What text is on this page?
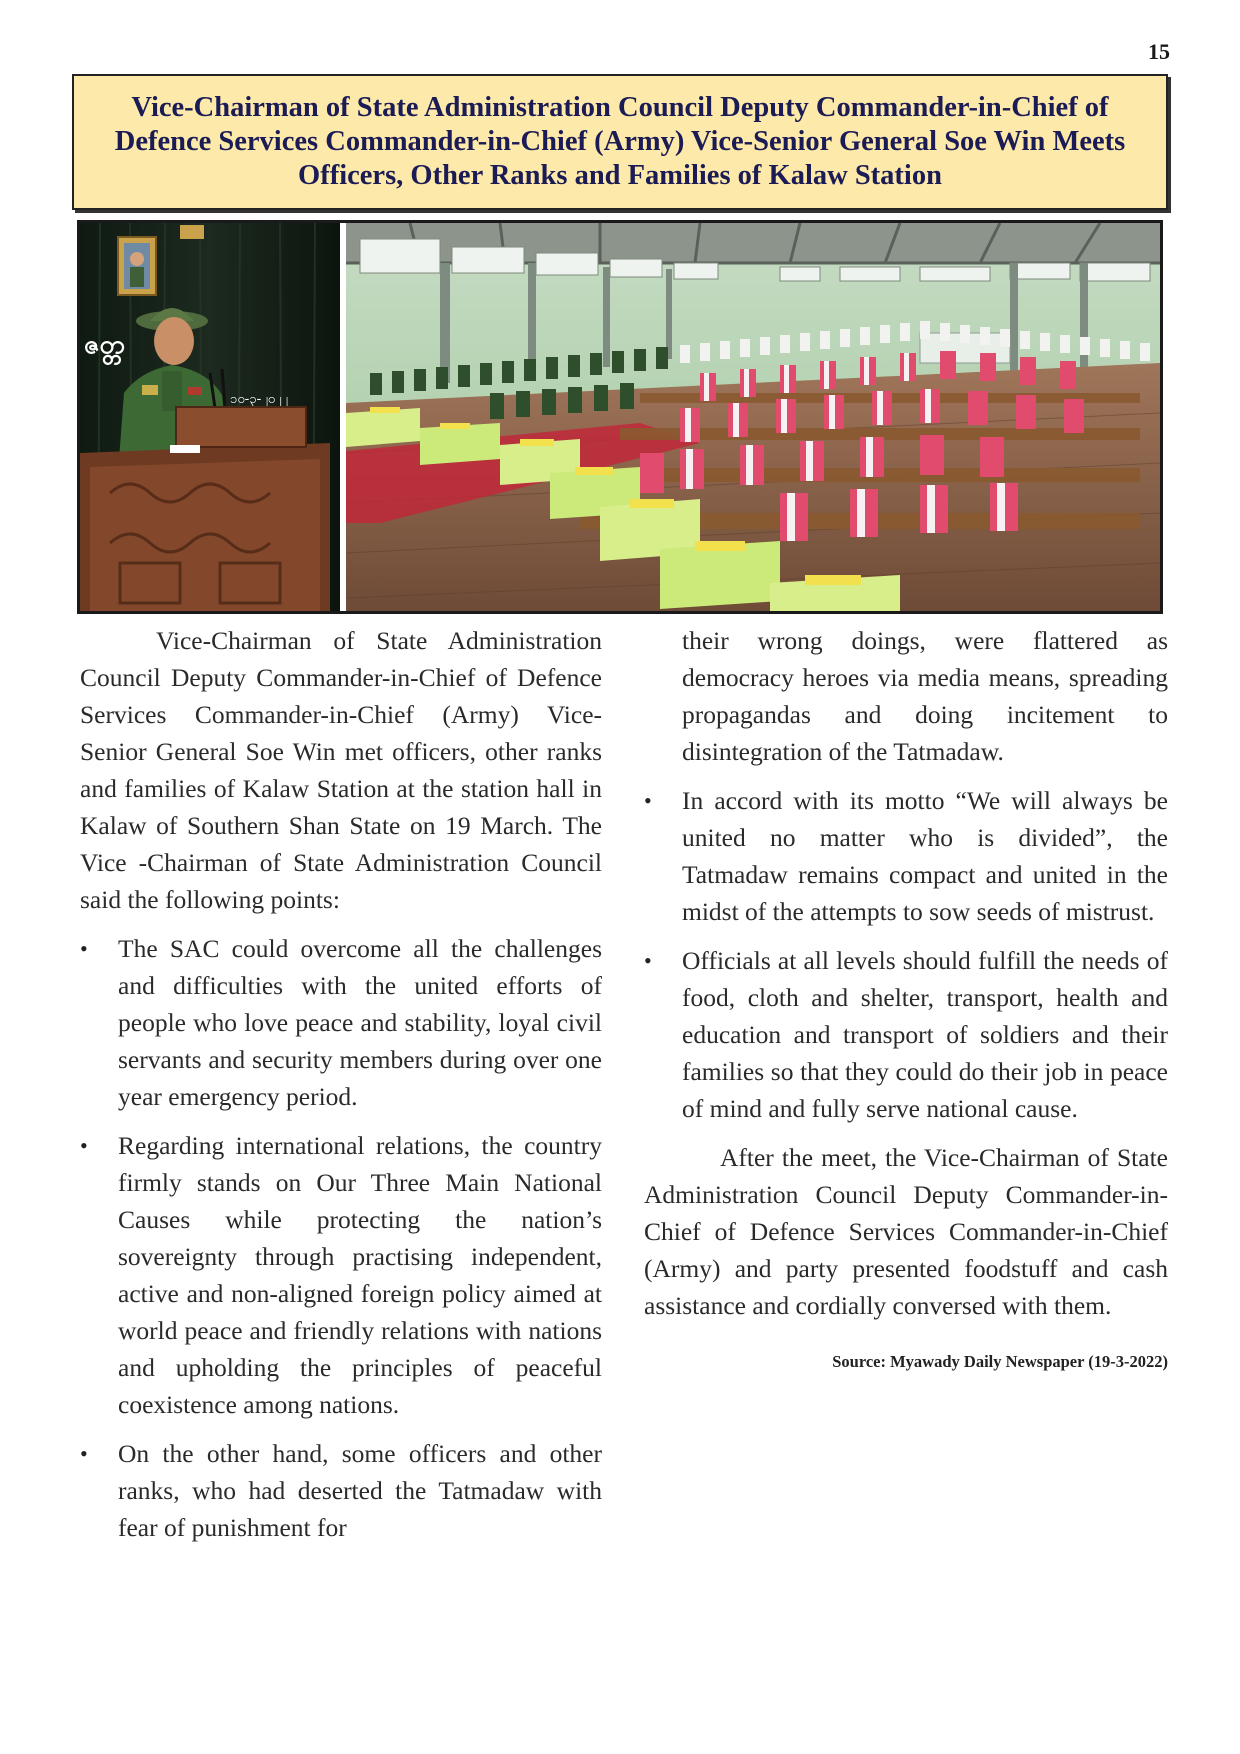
15
Vice-Chairman of State Administration Council Deputy Commander-in-Chief of Defence Services Commander-in-Chief (Army) Vice-Senior General Soe Win Meets Officers, Other Ranks and Families of Kalaw Station
ဇတ္တ
၁၀-၃-၂၀၂၂

Vice-Chairman of State Administration Council Deputy Commander-in-Chief of Defence Services Commander-in-Chief (Army) Vice-Senior General Soe Win met officers, other ranks and families of Kalaw Station at the station hall in Kalaw of Southern Shan State on 19 March. The Vice -Chairman of State Administration Council said the following points:

• The SAC could overcome all the challenges and difficulties with the united efforts of people who love peace and stability, loyal civil servants and security members during over one year emergency period.
• Regarding international relations, the country firmly stands on Our Three Main National Causes while protecting the nation’s sovereignty through practising independent, active and non-aligned foreign policy aimed at world peace and friendly relations with nations and upholding the principles of peaceful coexistence among nations.
• On the other hand, some officers and other ranks, who had deserted the Tatmadaw with fear of punishment for

their wrong doings, were flattered as democracy heroes via media means, spreading propagandas and doing incitement to disintegration of the Tatmadaw.

• In accord with its motto “We will always be united no matter who is divided”, the Tatmadaw remains compact and united in the midst of the attempts to sow seeds of mistrust.
• Officials at all levels should fulfill the needs of food, cloth and shelter, transport, health and education and transport of soldiers and their families so that they could do their job in peace of mind and fully serve national cause.

After the meet, the Vice-Chairman of State Administration Council Deputy Commander-in-Chief of Defence Services Commander-in-Chief (Army) and party presented foodstuff and cash assistance and cordially conversed with them.

Source: Myawady Daily Newspaper (19-3-2022)
